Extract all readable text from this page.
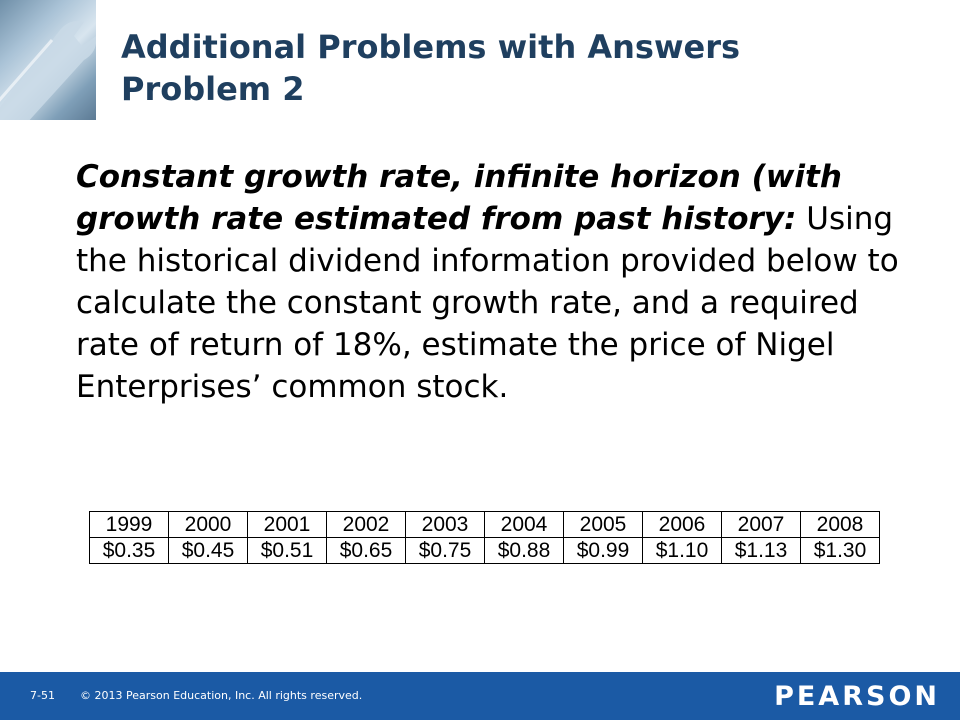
Additional Problems with Answers
Problem 2

Constant growth rate, infinite horizon (with growth rate estimated from past history: Using the historical dividend information provided below to calculate the constant growth rate, and a required rate of return of 18%, estimate the price of Nigel Enterprises’ common stock.

1999	2000	2001	2002	2003	2004	2005	2006	2007	2008
$0.35	$0.45	$0.51	$0.65	$0.75	$0.88	$0.99	$1.10	$1.13	$1.30
7-51 © 2013 Pearson Education, Inc. All rights reserved.	PEARSON
